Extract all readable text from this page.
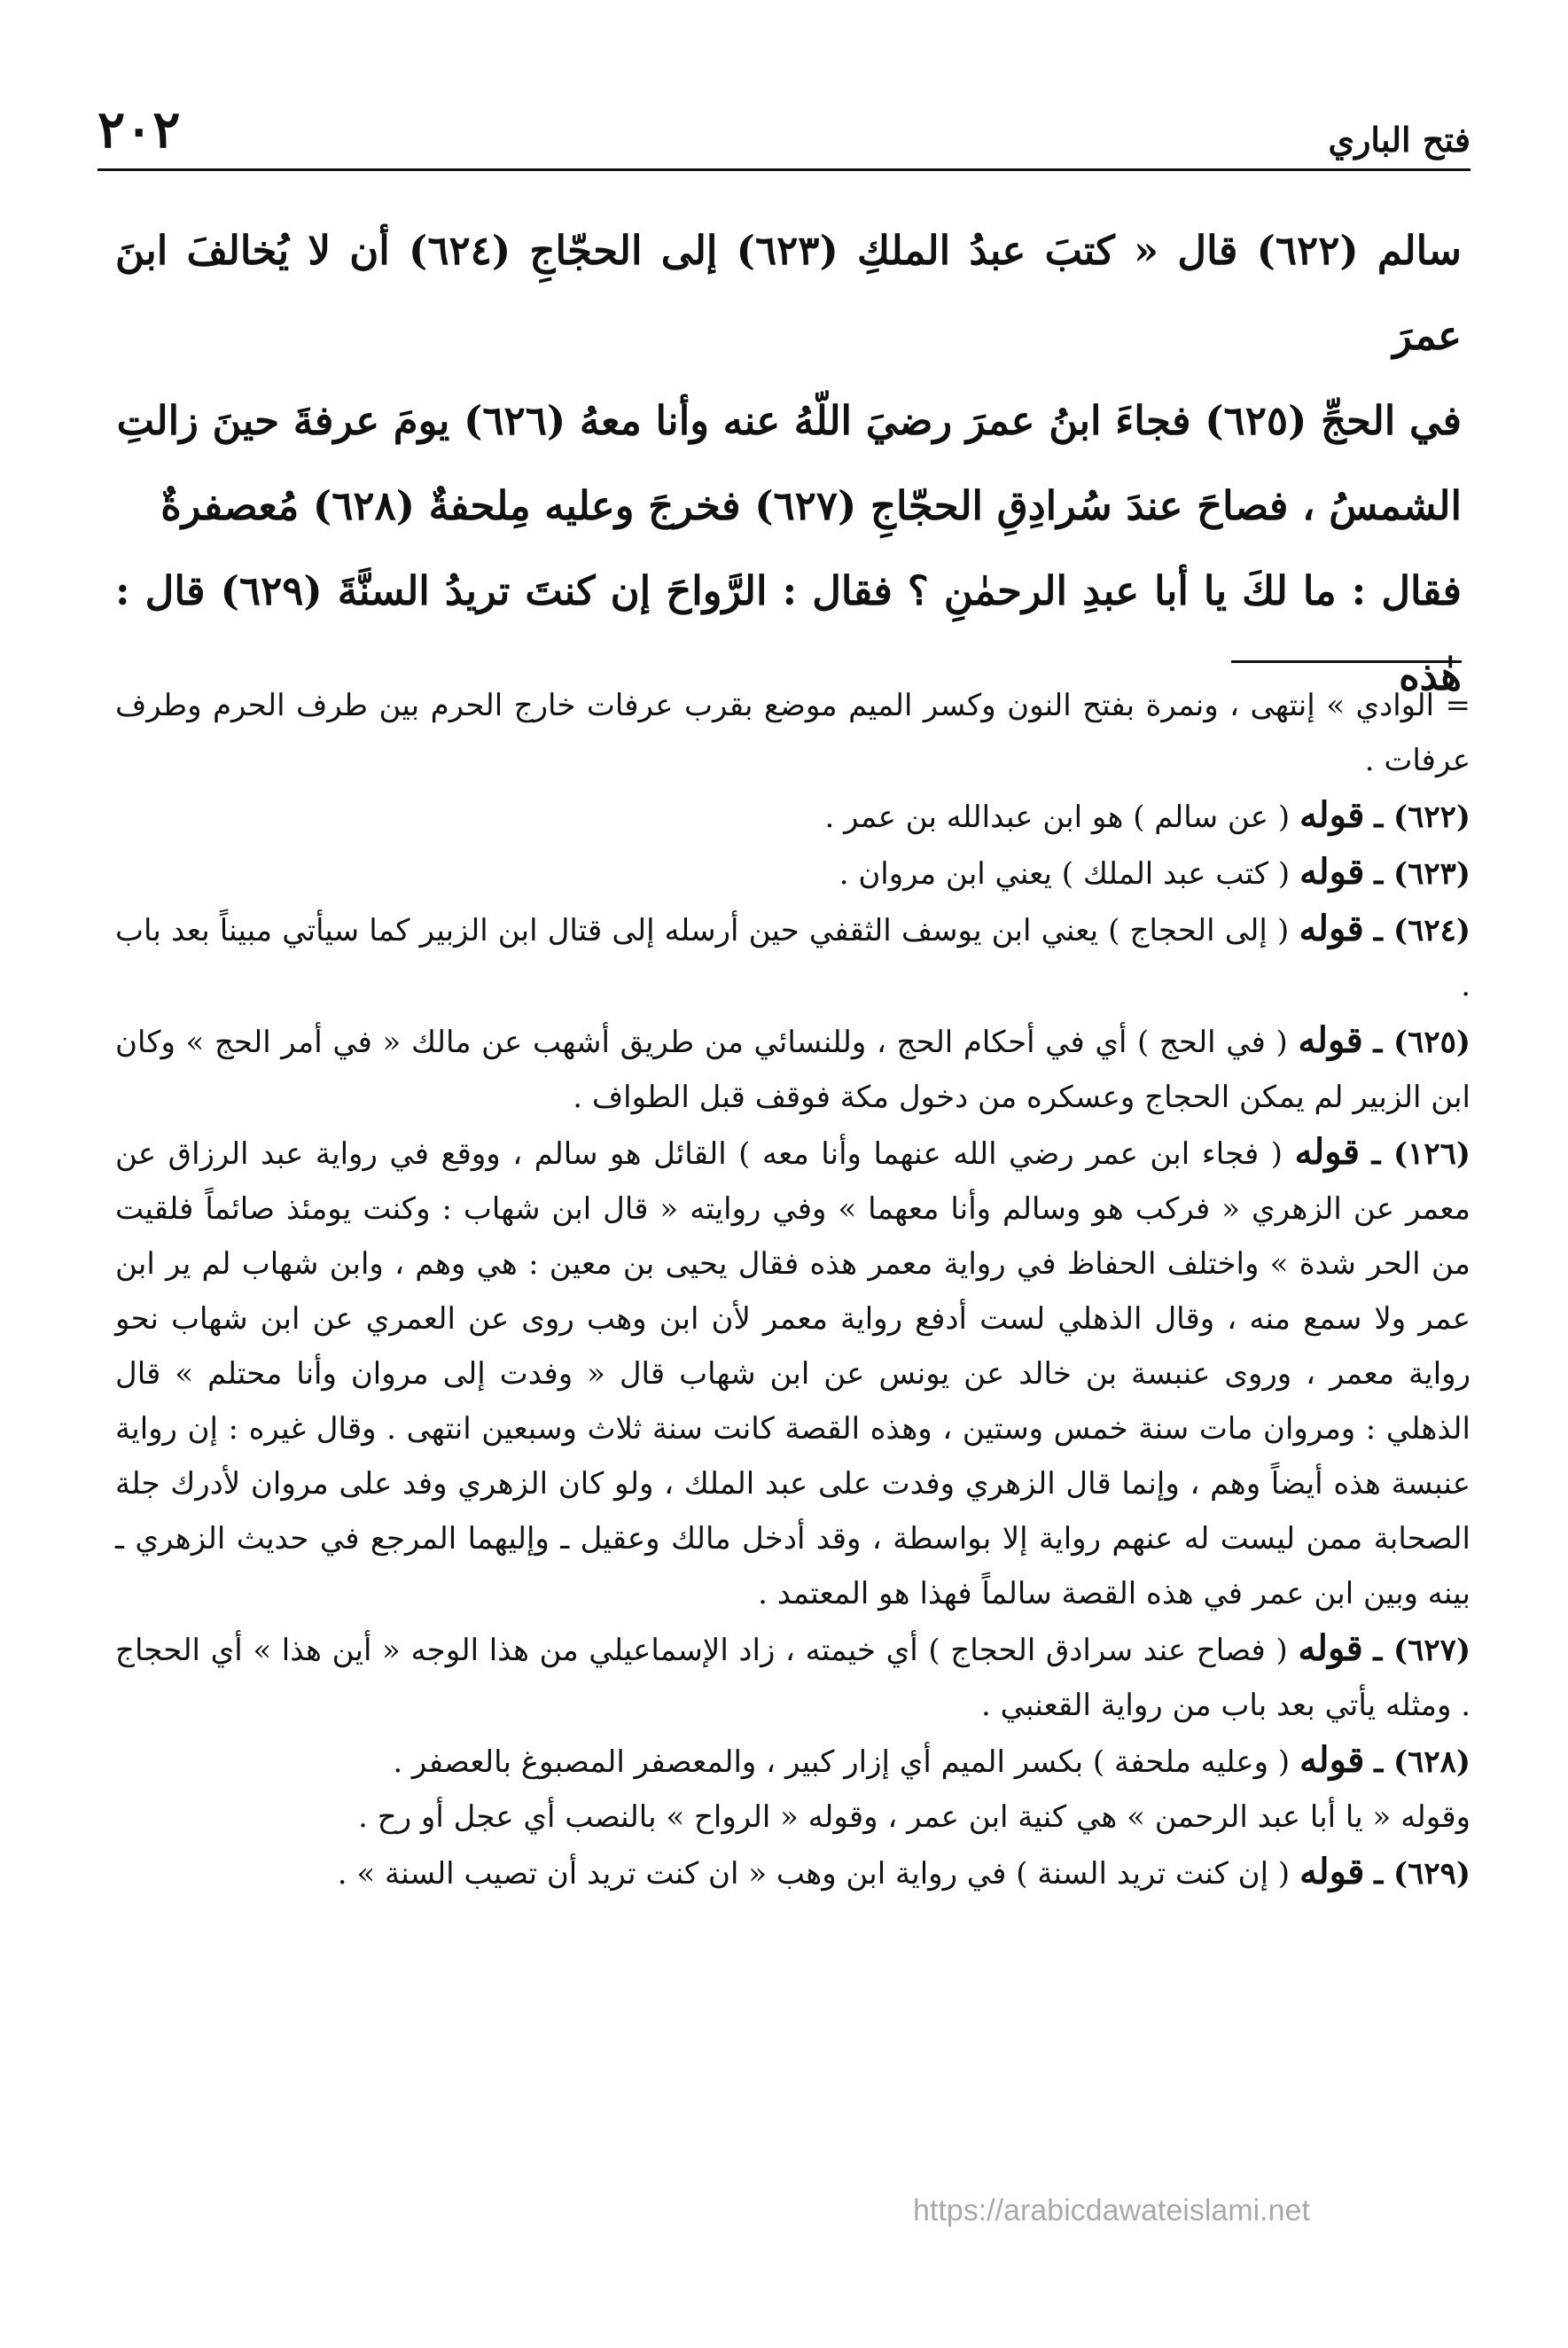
٢٠٢	فتح الباري

سالم (٦٢٢) قال « كتبَ عبدُ الملكِ (٦٢٣) إلى الحجّاجِ (٦٢٤) أن لا يُخالفَ ابنَ عمرَ

في الحجِّ (٦٢٥) فجاءَ ابنُ عمرَ رضيَ اللّهُ عنه وأنا معهُ (٦٢٦) يومَ عرفةَ حينَ زالتِ

الشمسُ ، فصاحَ عندَ سُرادِقِ الحجّاجِ (٦٢٧) فخرجَ وعليه مِلحفةٌ (٦٢٨) مُعصفرةٌ

فقال : ما لكَ يا أبا عبدِ الرحمٰنِ ؟ فقال : الرَّواحَ إن كنتَ تريدُ السنَّةَ (٦٢٩) قال : هٰذه

= الوادي » إنتهى ، ونمرة بفتح النون وكسر الميم موضع بقرب عرفات خارج الحرم بين طرف الحرم وطرف عرفات .

(٦٢٢) ـ قوله ( عن سالم ) هو ابن عبدالله بن عمر .

(٦٢٣) ـ قوله ( كتب عبد الملك ) يعني ابن مروان .

(٦٢٤) ـ قوله ( إلى الحجاج ) يعني ابن يوسف الثقفي حين أرسله إلى قتال ابن الزبير كما سيأتي مبيناً بعد باب .

(٦٢٥) ـ قوله ( في الحج ) أي في أحكام الحج ، وللنسائي من طريق أشهب عن مالك « في أمر الحج » وكان ابن الزبير لم يمكن الحجاج وعسكره من دخول مكة فوقف قبل الطواف .

(١٢٦) ـ قوله ( فجاء ابن عمر رضي الله عنهما وأنا معه ) القائل هو سالم ، ووقع في رواية عبد الرزاق عن معمر عن الزهري « فركب هو وسالم وأنا معهما » وفي روايته « قال ابن شهاب : وكنت يومئذ صائماً فلقيت من الحر شدة » واختلف الحفاظ في رواية معمر هذه فقال يحيى بن معين : هي وهم ، وابن شهاب لم ير ابن عمر ولا سمع منه ، وقال الذهلي لست أدفع رواية معمر لأن ابن وهب روى عن العمري عن ابن شهاب نحو رواية معمر ، وروى عنبسة بن خالد عن يونس عن ابن شهاب قال « وفدت إلى مروان وأنا محتلم » قال الذهلي : ومروان مات سنة خمس وستين ، وهذه القصة كانت سنة ثلاث وسبعين انتهى . وقال غيره : إن رواية عنبسة هذه أيضاً وهم ، وإنما قال الزهري وفدت على عبد الملك ، ولو كان الزهري وفد على مروان لأدرك جلة الصحابة ممن ليست له عنهم رواية إلا بواسطة ، وقد أدخل مالك وعقيل ـ وإليهما المرجع في حديث الزهري ـ بينه وبين ابن عمر في هذه القصة سالماً فهذا هو المعتمد .

(٦٢٧) ـ قوله ( فصاح عند سرادق الحجاج ) أي خيمته ، زاد الإسماعيلي من هذا الوجه « أين هذا » أي الحجاج . ومثله يأتي بعد باب من رواية القعنبي .

(٦٢٨) ـ قوله ( وعليه ملحفة ) بكسر الميم أي إزار كبير ، والمعصفر المصبوغ بالعصفر .

وقوله « يا أبا عبد الرحمن » هي كنية ابن عمر ، وقوله « الرواح » بالنصب أي عجل أو رح .

(٦٢٩) ـ قوله ( إن كنت تريد السنة ) في رواية ابن وهب « ان كنت تريد أن تصيب السنة » .

https://arabicdawateislami.net
